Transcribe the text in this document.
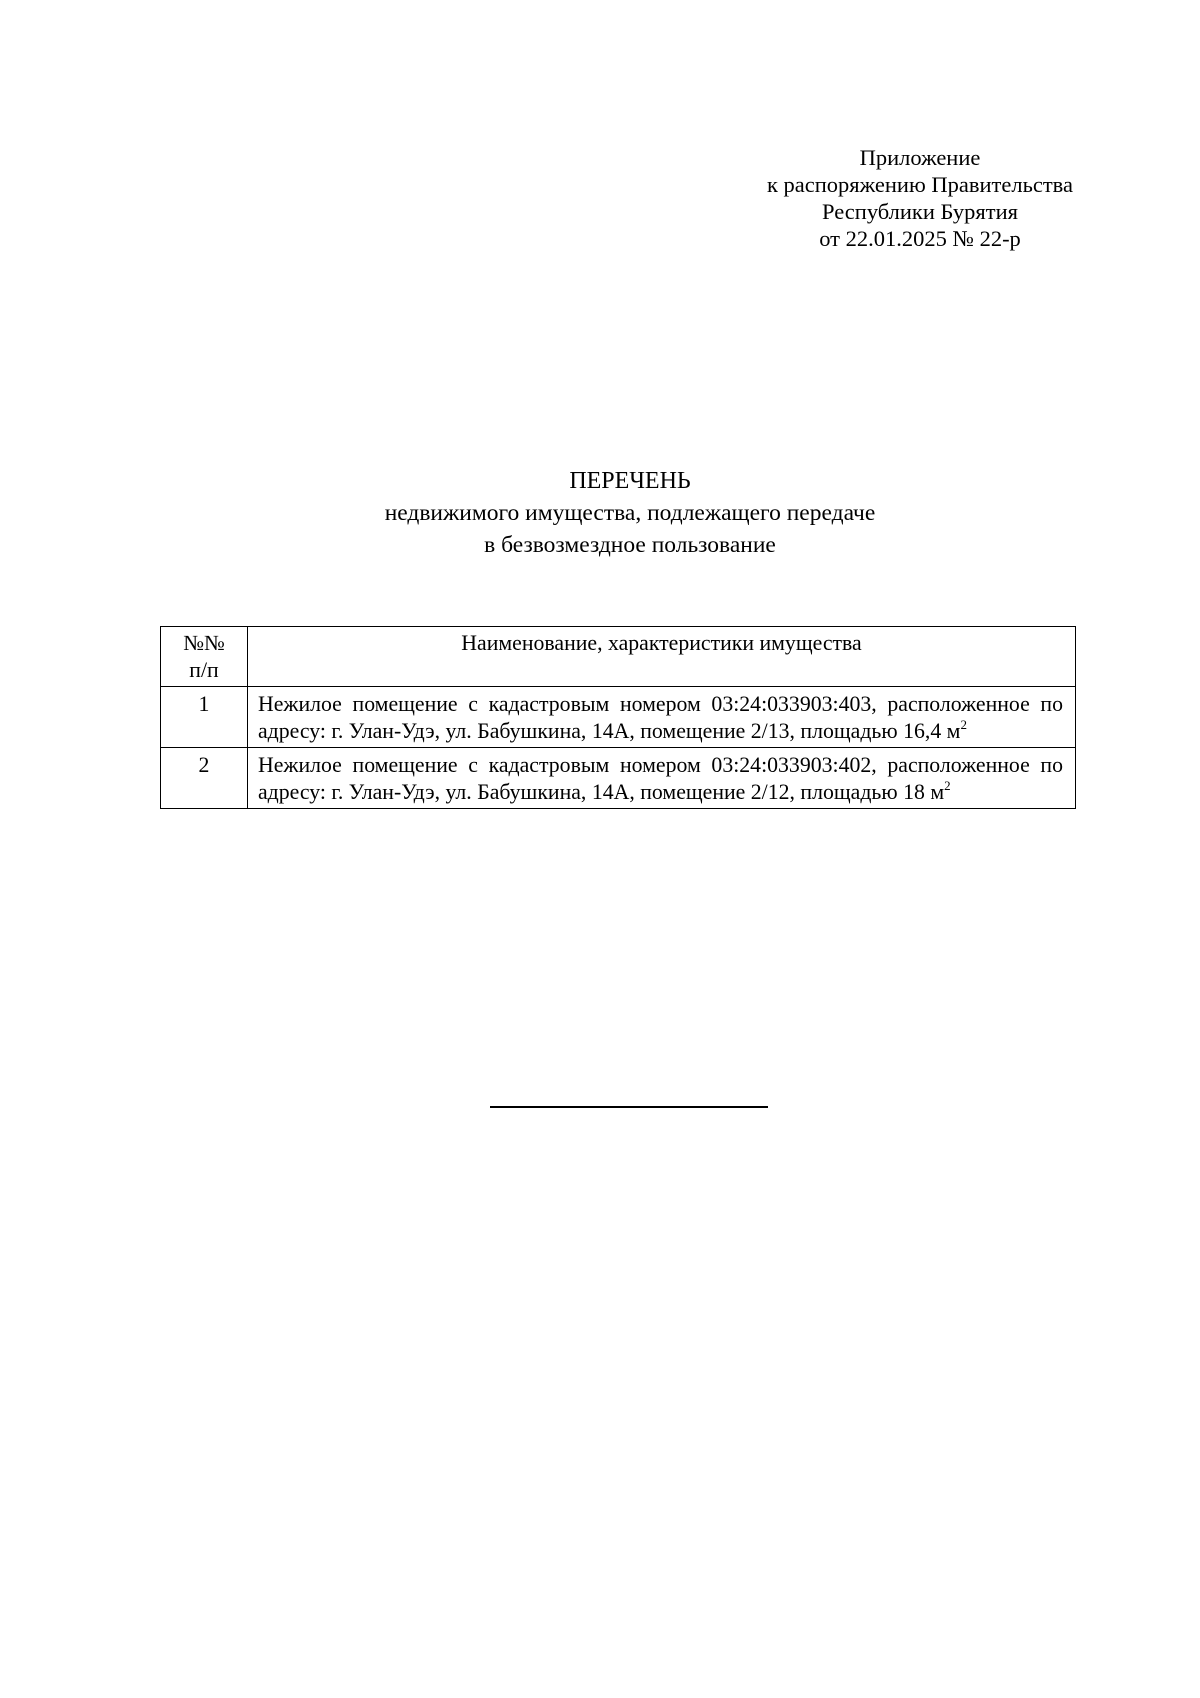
Приложение
к распоряжению Правительства
Республики Бурятия
от 22.01.2025 № 22-р
ПЕРЕЧЕНЬ
недвижимого имущества, подлежащего передаче
в безвозмездное пользование
№№
п/п	Наименование, характеристики имущества
1	Нежилое помещение с кадастровым номером 03:24:033903:403, расположенное по адресу: г. Улан-Удэ, ул. Бабушкина, 14А, помещение 2/13, площадью 16,4 $м^2$
2	Нежилое помещение с кадастровым номером 03:24:033903:402, расположенное по адресу: г. Улан-Удэ, ул. Бабушкина, 14А, помещение 2/12, площадью 18 $м^2$
